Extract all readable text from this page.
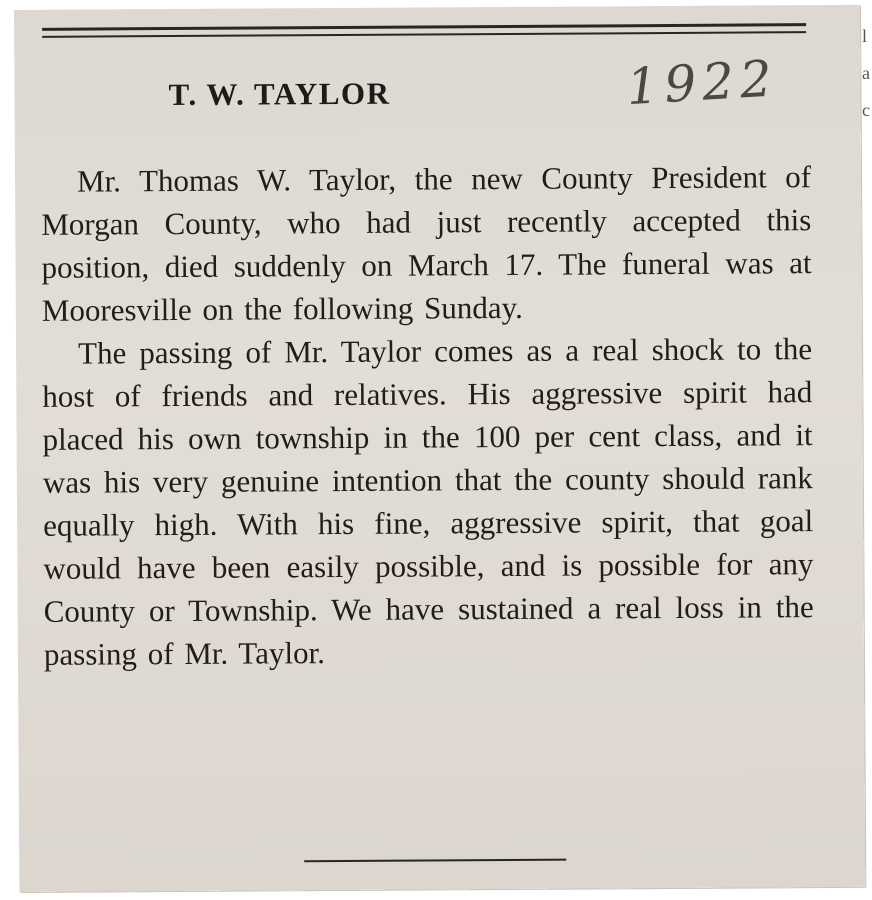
l
a
c
T. W. TAYLOR	1922

Mr. Thomas W. Taylor, the new County President of Morgan County, who had just recently accepted this position, died suddenly on March 17. The funeral was at Mooresville on the following Sunday.

The passing of Mr. Taylor comes as a real shock to the host of friends and relatives. His aggressive spirit had placed his own township in the 100 per cent class, and it was his very genuine intention that the county should rank equally high. With his fine, aggressive spirit, that goal would have been easily possible, and is possible for any County or Township. We have sustained a real loss in the passing of Mr. Taylor.
